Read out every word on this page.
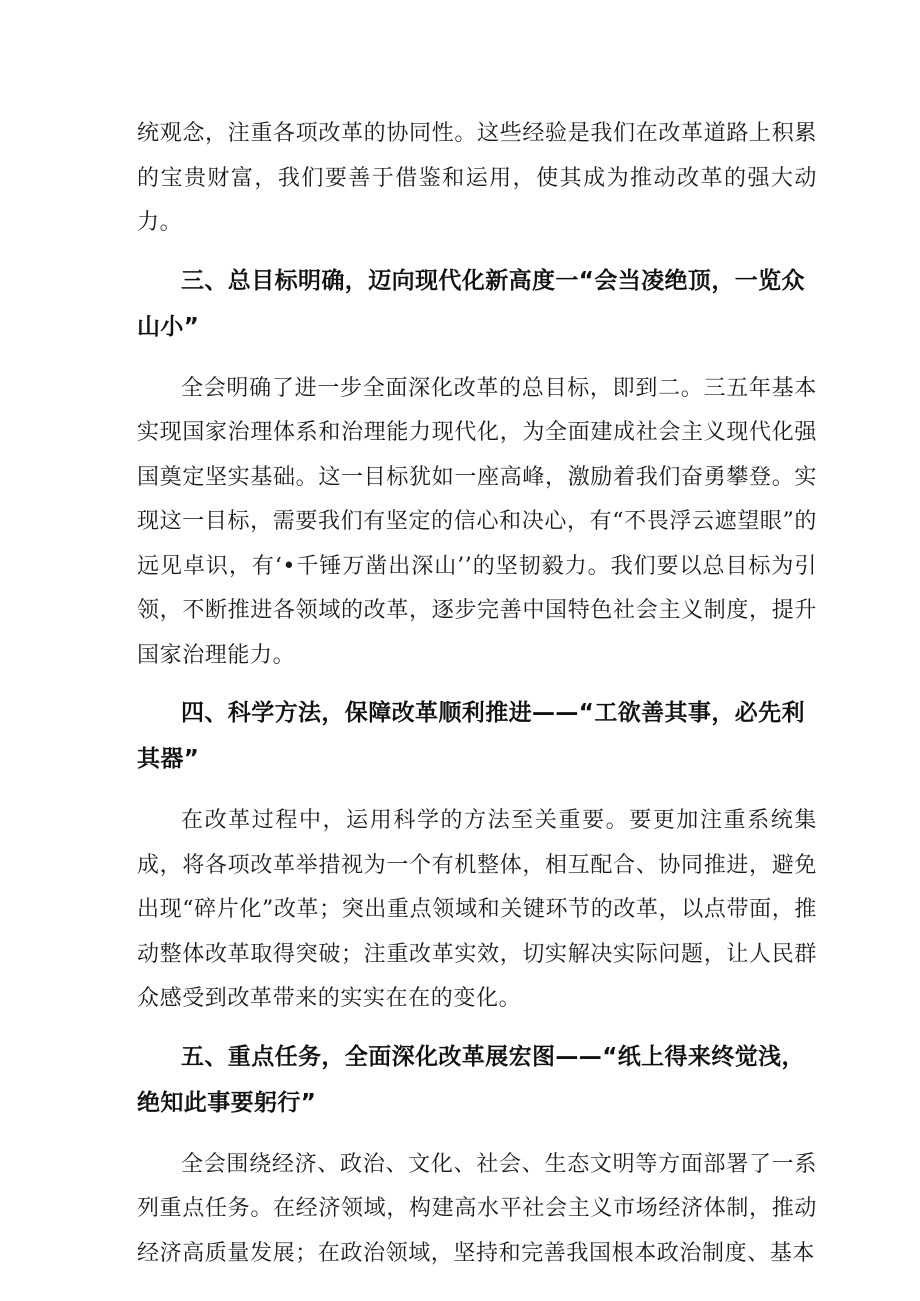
统观念，注重各项改革的协同性。这些经验是我们在改革道路上积累的宝贵财富，我们要善于借鉴和运用，使其成为推动改革的强大动力。

三、总目标明确，迈向现代化新高度一“会当凌绝顶，一览众山小”

全会明确了进一步全面深化改革的总目标，即到二。三五年基本实现国家治理体系和治理能力现代化，为全面建成社会主义现代化强国奠定坚实基础。这一目标犹如一座高峰，激励着我们奋勇攀登。实现这一目标，需要我们有坚定的信心和决心，有“不畏浮云遮望眼”的远见卓识，有‘•千锤万凿出深山’’的坚韧毅力。我们要以总目标为引领，不断推进各领域的改革，逐步完善中国特色社会主义制度，提升国家治理能力。

四、科学方法，保障改革顺利推进——“工欲善其事，必先利其器”

在改革过程中，运用科学的方法至关重要。要更加注重系统集成，将各项改革举措视为一个有机整体，相互配合、协同推进，避免出现“碎片化”改革；突出重点领域和关键环节的改革，以点带面，推动整体改革取得突破；注重改革实效，切实解决实际问题，让人民群众感受到改革带来的实实在在的变化。

五、重点任务，全面深化改革展宏图——“纸上得来终觉浅，绝知此事要躬行”

全会围绕经济、政治、文化、社会、生态文明等方面部署了一系列重点任务。在经济领域，构建高水平社会主义市场经济体制，推动经济高质量发展；在政治领域，坚持和完善我国根本政治制度、基本
